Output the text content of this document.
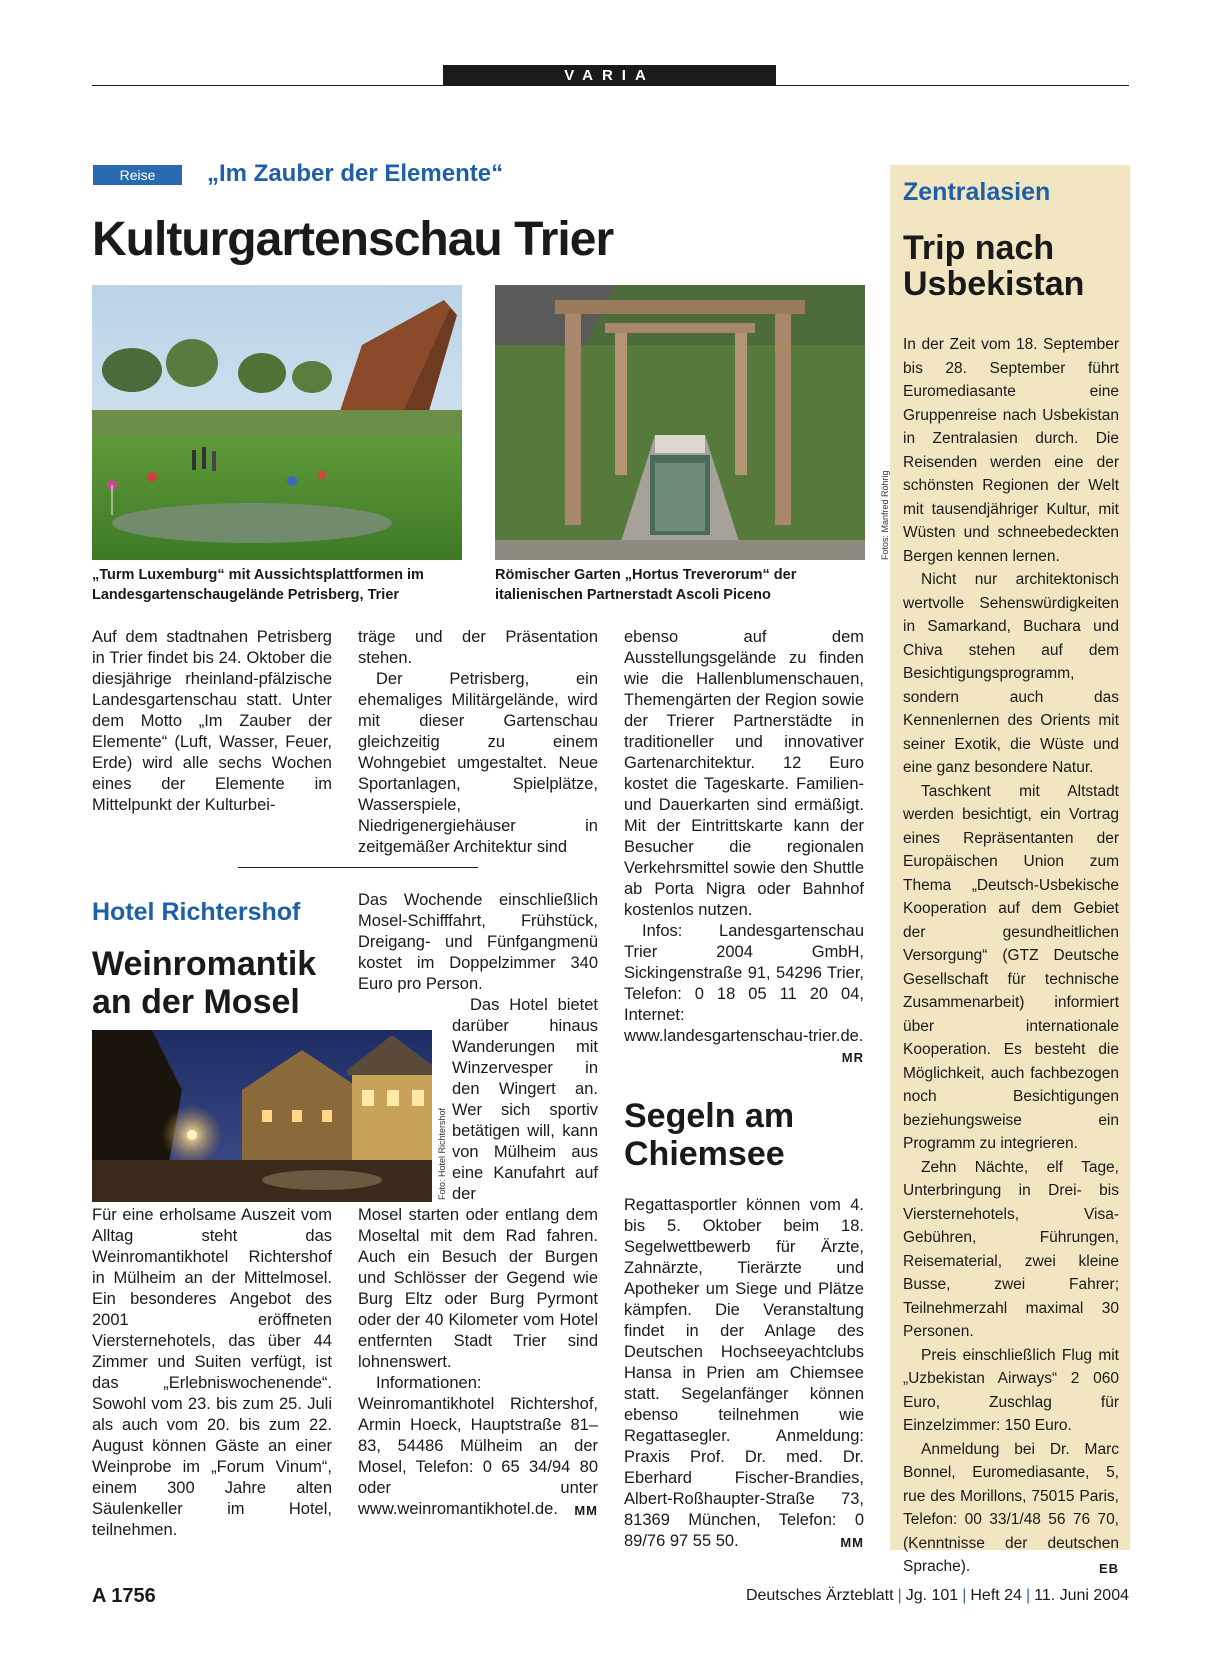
VARIA
Reise	„Im Zauber der Elemente“
Kulturgartenschau Trier
Fotos: Manfred Röhrig
„Turm Luxemburg“ mit Aussichtsplattformen im Landesgartenschaugelände Petrisberg, Trier
Römischer Garten „Hortus Treverorum“ der italienischen Partnerstadt Ascoli Piceno

Auf dem stadtnahen Petrisberg in Trier findet bis 24. Oktober die diesjährige rheinland-pfälzische Landesgartenschau statt. Unter dem Motto „Im Zauber der Elemente“ (Luft, Wasser, Feuer, Erde) wird alle sechs Wochen eines der Elemente im Mittelpunkt der Kulturbei-

träge und der Präsentation stehen.

Der Petrisberg, ein ehemaliges Militärgelände, wird mit dieser Gartenschau gleichzeitig zu einem Wohngebiet umgestaltet. Neue Sportanlagen, Spielplätze, Wasserspiele, Niedrigenergiehäuser in zeitgemäßer Architektur sind

ebenso auf dem Ausstellungsgelände zu finden wie die Hallenblumenschauen, Themengärten der Region sowie der Trierer Partnerstädte in traditioneller und innovativer Gartenarchitektur. 12 Euro kostet die Tageskarte. Familien- und Dauerkarten sind ermäßigt. Mit der Eintrittskarte kann der Besucher die regionalen Verkehrsmittel sowie den Shuttle ab Porta Nigra oder Bahnhof kostenlos nutzen.

Infos: Landesgartenschau Trier 2004 GmbH, Sickingenstraße 91, 54296 Trier, Telefon: 0 18 05 11 20 04, Internet: www.landesgartenschau-trier.de.

MR
Hotel Richtershof
Weinromantik an der Mosel
Foto: Hotel Richtershof

Für eine erholsame Auszeit vom Alltag steht das Weinromantikhotel Richtershof in Mülheim an der Mittelmosel. Ein besonderes Angebot des 2001 eröffneten Viersternehotels, das über 44 Zimmer und Suiten verfügt, ist das „Erlebniswochenende“. Sowohl vom 23. bis zum 25. Juli als auch vom 20. bis zum 22. August können Gäste an einer Weinprobe im „Forum Vinum“, einem 300 Jahre alten Säulenkeller im Hotel, teilnehmen.

Das Wochende einschließlich Mosel-Schifffahrt, Frühstück, Dreigang- und Fünfgangmenü kostet im Doppelzimmer 340 Euro pro Person.

Das Hotel bietet darüber hinaus Wanderungen mit Winzervesper in den Wingert an. Wer sich sportiv betätigen will, kann von Mülheim aus eine Kanufahrt auf der

Mosel starten oder entlang dem Moseltal mit dem Rad fahren. Auch ein Besuch der Burgen und Schlösser der Gegend wie Burg Eltz oder Burg Pyrmont oder der 40 Kilometer vom Hotel entfernten Stadt Trier sind lohnenswert.

Informationen: Weinromantikhotel Richtershof, Armin Hoeck, Hauptstraße 81–83, 54486 Mülheim an der Mosel, Telefon: 0 65 34/94 80 oder unter www.weinromantikhotel.de.	MM
Segeln am Chiemsee

Regattasportler können vom 4. bis 5. Oktober beim 18. Segelwettbewerb für Ärzte, Zahnärzte, Tierärzte und Apotheker um Siege und Plätze kämpfen. Die Veranstaltung findet in der Anlage des Deutschen Hochseeyachtclubs Hansa in Prien am Chiemsee statt. Segelanfänger können ebenso teilnehmen wie Regattasegler. Anmeldung: Praxis Prof. Dr. med. Dr. Eberhard Fischer-Brandies, Albert-Roßhaupter-Straße 73, 81369 München, Telefon: 0 89/76 97 55 50.	MM
Zentralasien
Trip nach Usbekistan

In der Zeit vom 18. September bis 28. September führt Euromediasante eine Gruppenreise nach Usbekistan in Zentralasien durch. Die Reisenden werden eine der schönsten Regionen der Welt mit tausendjähriger Kultur, mit Wüsten und schneebedeckten Bergen kennen lernen.

Nicht nur architektonisch wertvolle Sehenswürdigkeiten in Samarkand, Buchara und Chiva stehen auf dem Besichtigungsprogramm, sondern auch das Kennenlernen des Orients mit seiner Exotik, die Wüste und eine ganz besondere Natur.

Taschkent mit Altstadt werden besichtigt, ein Vortrag eines Repräsentanten der Europäischen Union zum Thema „Deutsch-Usbekische Kooperation auf dem Gebiet der gesundheitlichen Versorgung“ (GTZ Deutsche Gesellschaft für technische Zusammenarbeit) informiert über internationale Kooperation. Es besteht die Möglichkeit, auch fachbezogen noch Besichtigungen beziehungsweise ein Programm zu integrieren.

Zehn Nächte, elf Tage, Unterbringung in Drei- bis Viersternehotels, Visa-Gebühren, Führungen, Reisematerial, zwei kleine Busse, zwei Fahrer; Teilnehmerzahl maximal 30 Personen.

Preis einschließlich Flug mit „Uzbekistan Airways“ 2 060 Euro, Zuschlag für Einzelzimmer: 150 Euro.

Anmeldung bei Dr. Marc Bonnel, Euromediasante, 5, rue des Morillons, 75015 Paris, Telefon: 00 33/1/48 56 76 70, (Kenntnisse der deutschen Sprache).	EB
A 1756	Deutsches Ärzteblatt | Jg. 101 | Heft 24 | 11. Juni 2004
